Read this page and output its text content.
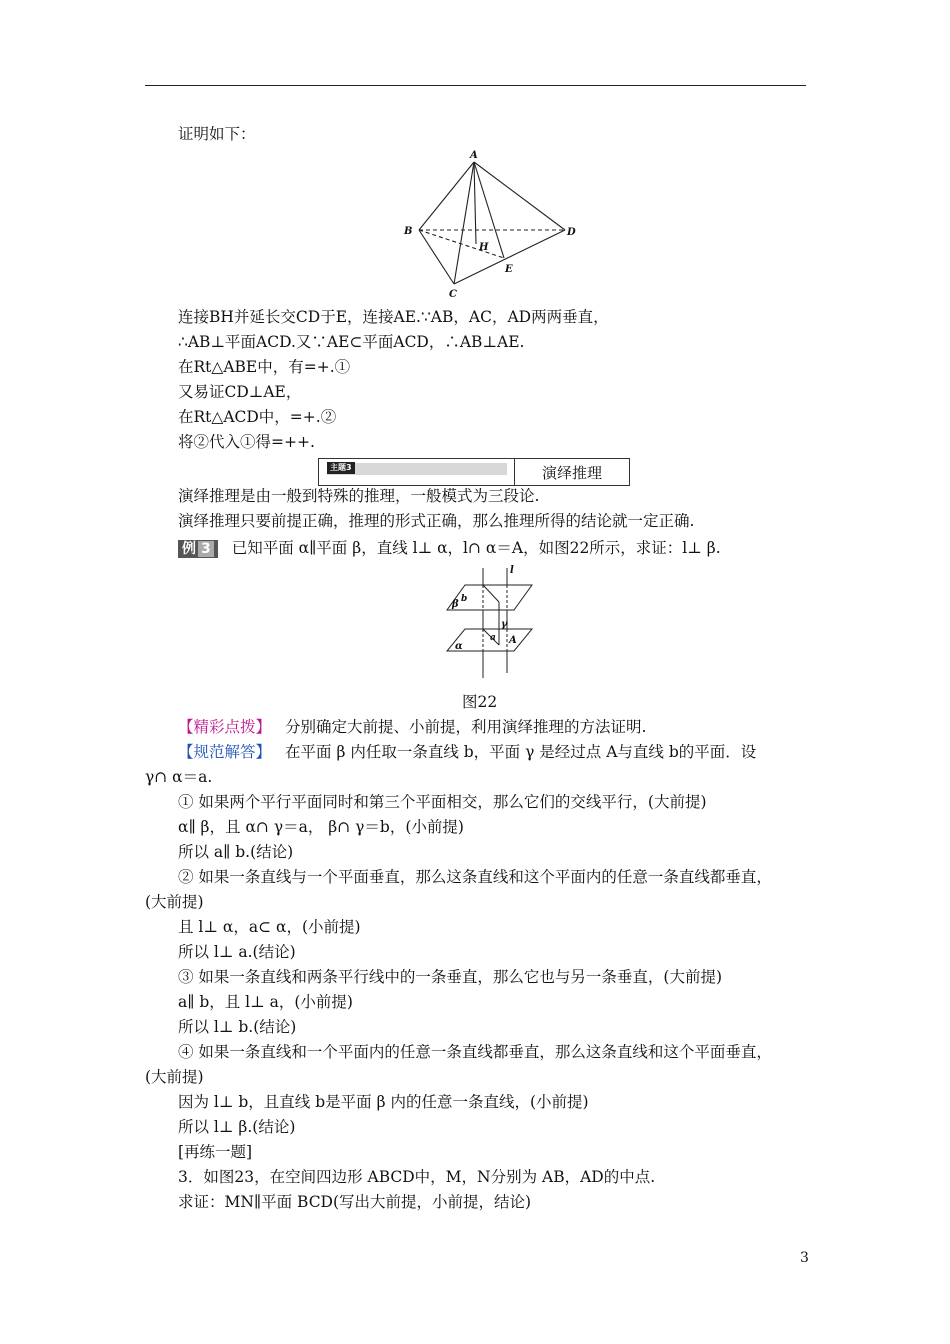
证明如下：
A
B
C
D
E
H
连接BH并延长交CD于E，连接AE.∵AB，AC，AD两两垂直，
∴AB⊥平面ACD.又∵AE⊂平面ACD，∴AB⊥AE.
在Rt△ABE中，有=+.①
又易证CD⊥AE，
在Rt△ACD中，=+.②
将②代入①得=++.
主题3	演绎推理
演绎推理是由一般到特殊的推理，一般模式为三段论.
演绎推理只要前提正确，推理的形式正确，那么推理所得的结论就一定正确.
例 3 已知平面 α∥平面 β，直线 l⊥ α，l∩ α＝A，如图22所示，求证：l⊥ β.
l
β b
γ
a A
α
图22
【精彩点拨】 分别确定大前提、小前提，利用演绎推理的方法证明.
【规范解答】 在平面 β 内任取一条直线 b，平面 γ 是经过点 A与直线 b的平面．设
γ∩ α＝a.
① 如果两个平行平面同时和第三个平面相交，那么它们的交线平行，(大前提)
α∥ β，且 α∩ γ＝a， β∩ γ＝b，(小前提)
所以 a∥ b.(结论)
② 如果一条直线与一个平面垂直，那么这条直线和这个平面内的任意一条直线都垂直，
(大前提)
且 l⊥ α，a⊂ α，(小前提)
所以 l⊥ a.(结论)
③ 如果一条直线和两条平行线中的一条垂直，那么它也与另一条垂直，(大前提)
a∥ b，且 l⊥ a，(小前提)
所以 l⊥ b.(结论)
④ 如果一条直线和一个平面内的任意一条直线都垂直，那么这条直线和这个平面垂直，
(大前提)
因为 l⊥ b，且直线 b是平面 β 内的任意一条直线，(小前提)
所以 l⊥ β.(结论)
[再练一题]
3．如图23，在空间四边形 ABCD中，M，N分别为 AB，AD的中点.
求证：MN∥平面 BCD(写出大前提，小前提，结论)
3
